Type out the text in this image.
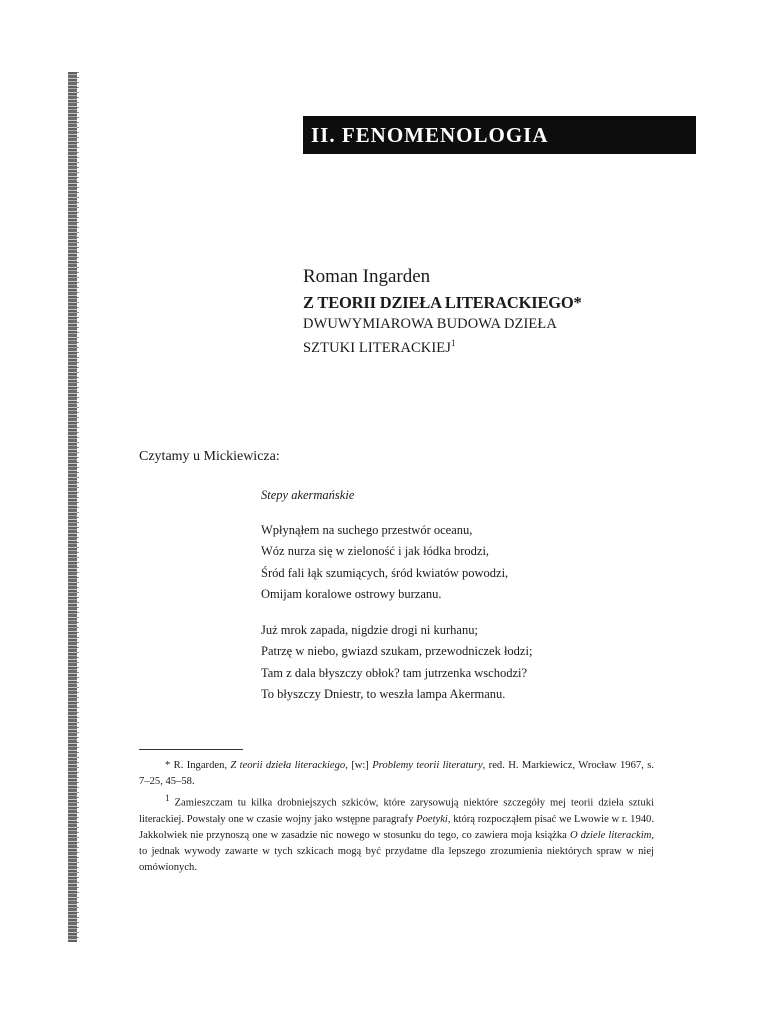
II. FENOMENOLOGIA
Roman Ingarden
Z TEORII DZIEŁA LITERACKIEGO*
DWUWYMIAROWA BUDOWA DZIEŁA
SZTUKI LITERACKIEJ$^1$
Czytamy u Mickiewicza:
Stepy akermańskie
Wpłynąłem na suchego przestwór oceanu,
Wóz nurza się w zieloność i jak łódka brodzi,
Śród fali łąk szumiących, śród kwiatów powodzi,
Omijam koralowe ostrowy burzanu.
Już mrok zapada, nigdzie drogi ni kurhanu;
Patrzę w niebo, gwiazd szukam, przewodniczek łodzi;
Tam z dala błyszczy obłok? tam jutrzenka wschodzi?
To błyszczy Dniestr, to weszła lampa Akermanu.
* R. Ingarden, Z teorii dzieła literackiego, [w:] Problemy teorii literatury, red. H. Markiewicz, Wrocław 1967, s. 7–25, 45–58.
$^1$ Zamieszczam tu kilka drobniejszych szkiców, które zarysowują niektóre szczegóły mej teorii dzieła sztuki literackiej. Powstały one w czasie wojny jako wstępne paragrafy Poetyki, którą rozpocząłem pisać we Lwowie w r. 1940. Jakkolwiek nie przynoszą one w zasadzie nic nowego w stosunku do tego, co zawiera moja książka O dziele literackim, to jednak wywody zawarte w tych szkicach mogą być przydatne dla lepszego zrozumienia niektórych spraw w niej omówionych.
